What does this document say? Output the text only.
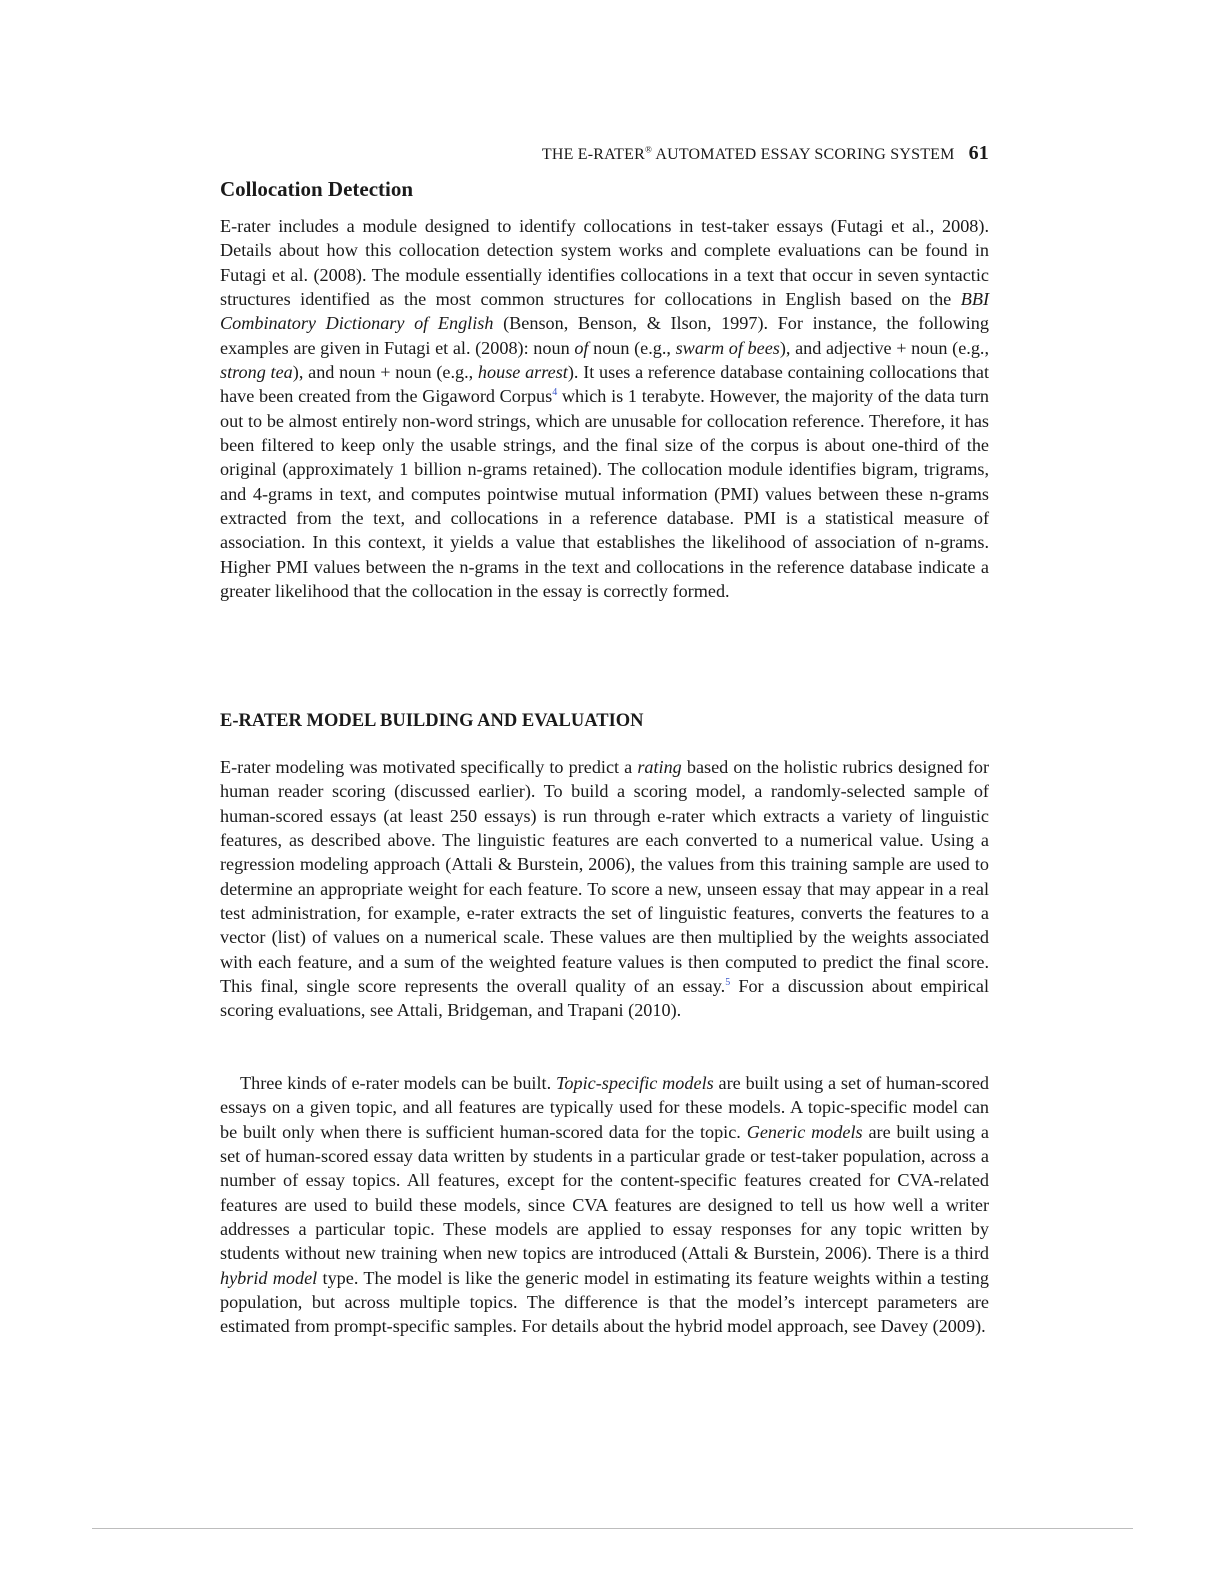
THE E-RATER® AUTOMATED ESSAY SCORING SYSTEM 61
Collocation Detection

E-rater includes a module designed to identify collocations in test-taker essays (Futagi et al., 2008). Details about how this collocation detection system works and complete evaluations can be found in Futagi et al. (2008). The module essentially identifies collocations in a text that occur in seven syntactic structures identified as the most common structures for collocations in English based on the BBI Combinatory Dictionary of English (Benson, Benson, & Ilson, 1997). For instance, the following examples are given in Futagi et al. (2008): noun of noun (e.g., swarm of bees), and adjective + noun (e.g., strong tea), and noun + noun (e.g., house arrest). It uses a reference database containing collocations that have been created from the Gigaword Corpus$^4$ which is 1 terabyte. However, the majority of the data turn out to be almost entirely non-word strings, which are unusable for collocation reference. Therefore, it has been filtered to keep only the usable strings, and the final size of the corpus is about one-third of the original (approximately 1 billion n-grams retained). The collocation module identifies bigram, trigrams, and 4-grams in text, and computes pointwise mutual information (PMI) values between these n-grams extracted from the text, and collocations in a reference database. PMI is a statistical measure of association. In this context, it yields a value that establishes the likelihood of association of n-grams. Higher PMI values between the n-grams in the text and collocations in the reference database indicate a greater likelihood that the collocation in the essay is correctly formed.

E-RATER MODEL BUILDING AND EVALUATION

E-rater modeling was motivated specifically to predict a rating based on the holistic rubrics designed for human reader scoring (discussed earlier). To build a scoring model, a randomly-selected sample of human-scored essays (at least 250 essays) is run through e-rater which extracts a variety of linguistic features, as described above. The linguistic features are each converted to a numerical value. Using a regression modeling approach (Attali & Burstein, 2006), the values from this training sample are used to determine an appropriate weight for each feature. To score a new, unseen essay that may appear in a real test administration, for example, e-rater extracts the set of linguistic features, converts the features to a vector (list) of values on a numerical scale. These values are then multiplied by the weights associated with each feature, and a sum of the weighted feature values is then computed to predict the final score. This final, single score represents the overall quality of an essay.$^5$ For a discussion about empirical scoring evaluations, see Attali, Bridgeman, and Trapani (2010).

Three kinds of e-rater models can be built. Topic-specific models are built using a set of human-scored essays on a given topic, and all features are typically used for these models. A topic-specific model can be built only when there is sufficient human-scored data for the topic. Generic models are built using a set of human-scored essay data written by students in a particular grade or test-taker population, across a number of essay topics. All features, except for the content-specific features created for CVA-related features are used to build these models, since CVA features are designed to tell us how well a writer addresses a particular topic. These models are applied to essay responses for any topic written by students without new training when new topics are introduced (Attali & Burstein, 2006). There is a third hybrid model type. The model is like the generic model in estimating its feature weights within a testing population, but across multiple topics. The difference is that the model’s intercept parameters are estimated from prompt-specific samples. For details about the hybrid model approach, see Davey (2009).
